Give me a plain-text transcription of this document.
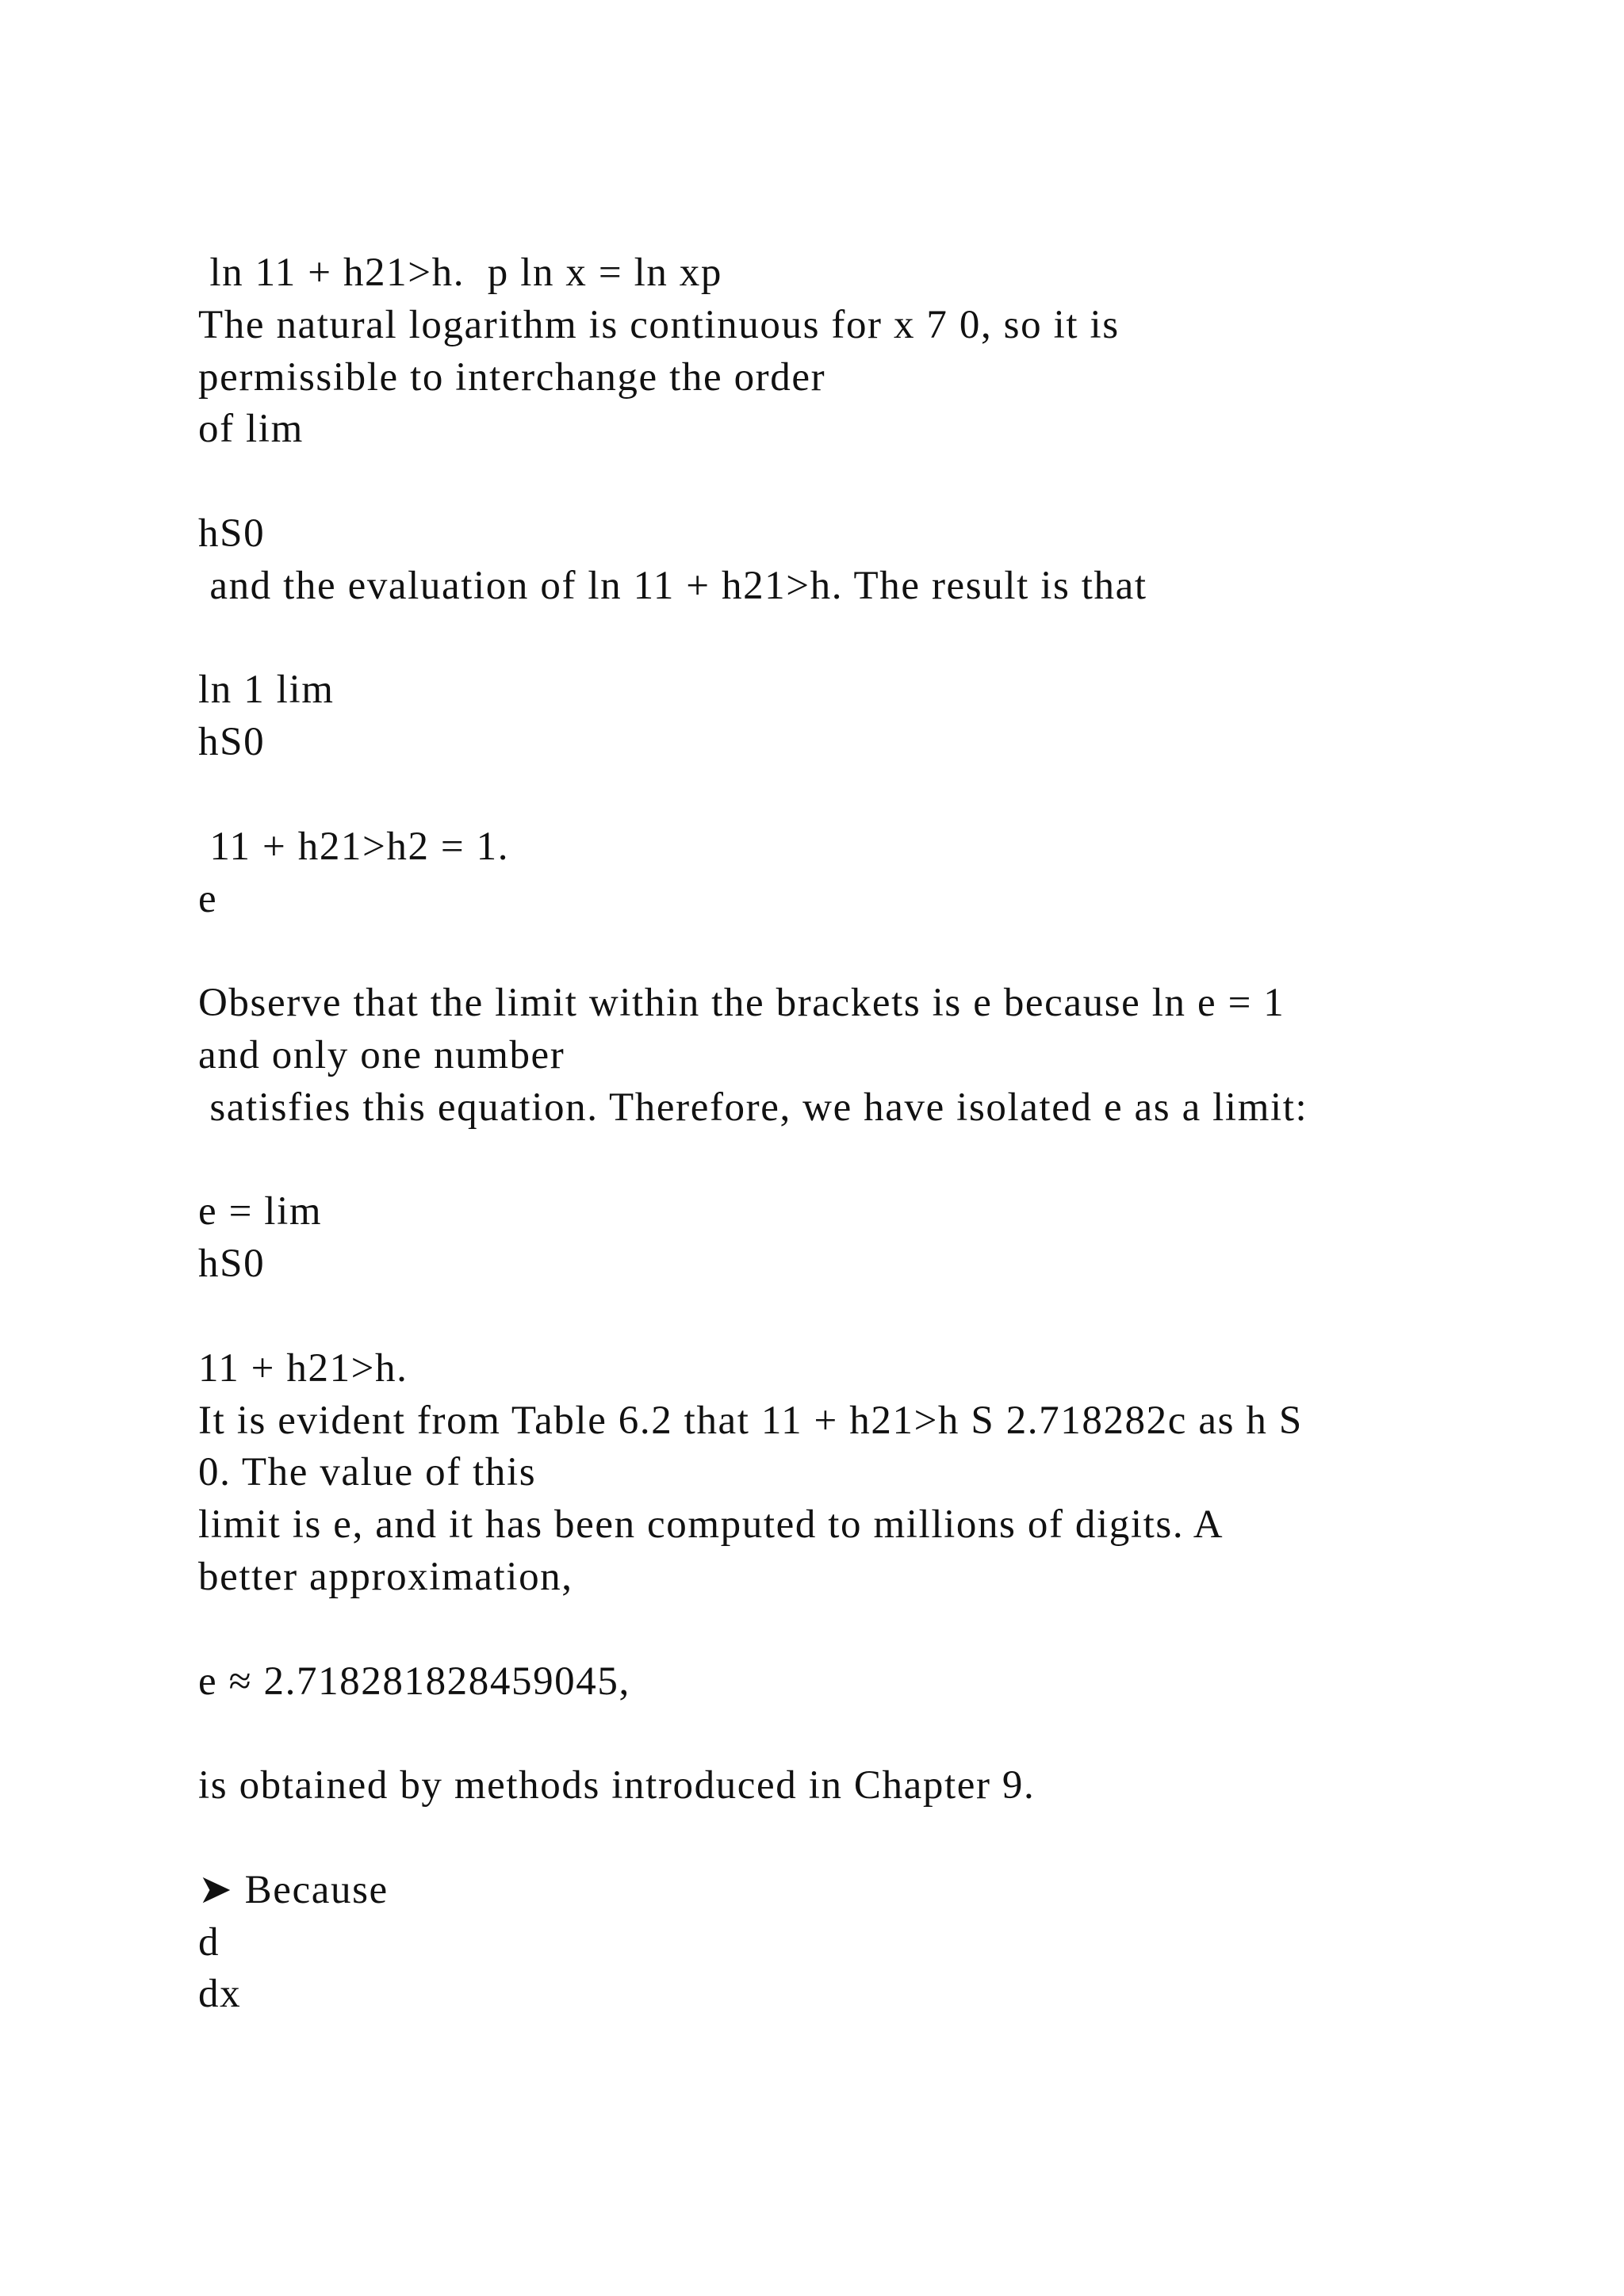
ln 11 + h21>h.  p ln x = ln xp
The natural logarithm is continuous for x 7 0, so it is
permissible to interchange the order
of lim
hS0
and the evaluation of ln 11 + h21>h. The result is that
ln 1 lim
hS0
11 + h21>h2 = 1.
e
Observe that the limit within the brackets is e because ln e = 1
and only one number
satisfies this equation. Therefore, we have isolated e as a limit:
e = lim
hS0
11 + h21>h.
It is evident from Table 6.2 that 11 + h21>h S 2.718282c as h S
0. The value of this
limit is e, and it has been computed to millions of digits. A
better approximation,
e ≈ 2.718281828459045,
is obtained by methods introduced in Chapter 9.
➤ Because
d
dx
